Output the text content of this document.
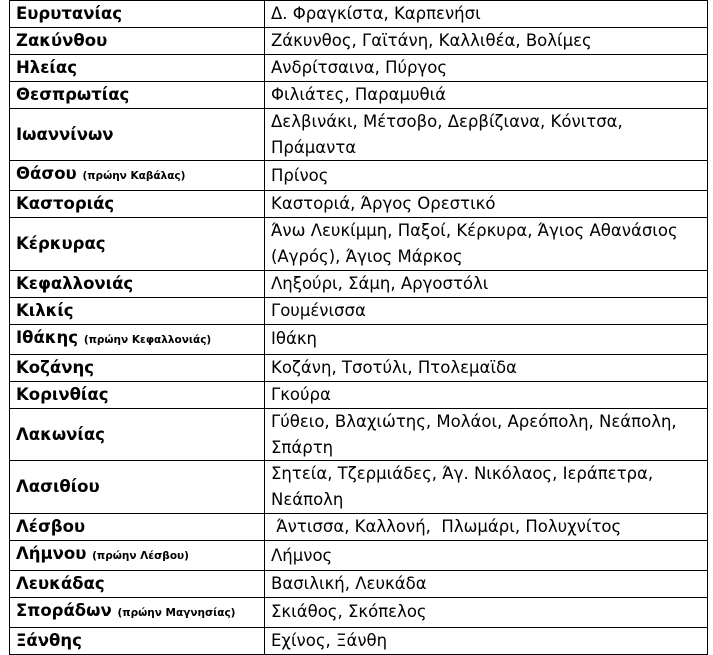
Ευρυτανίας	Δ. Φραγκίστα, Καρπενήσι
Ζακύνθου	Ζάκυνθος, Γαϊτάνη, Καλλιθέα, Βολίμες
Ηλείας	Ανδρίτσαινα, Πύργος
Θεσπρωτίας	Φιλιάτες, Παραμυθιά
Ιωαννίνων	Δελβινάκι, Μέτσοβο, Δερβίζιανα, Κόνιτσα, Πράμαντα
Θάσου (πρώην Καβάλας)	Πρίνος
Καστοριάς	Καστοριά, Άργος Ορεστικό
Κέρκυρας	Άνω Λευκίμμη, Παξοί, Κέρκυρα, Άγιος Αθανάσιος (Αγρός), Άγιος Μάρκος
Κεφαλλονιάς	Ληξούρι, Σάμη, Αργοστόλι
Κιλκίς	Γουμένισσα
Ιθάκης (πρώην Κεφαλλονιάς)	Ιθάκη
Κοζάνης	Κοζάνη, Τσοτύλι, Πτολεμαϊδα
Κορινθίας	Γκούρα
Λακωνίας	Γύθειο, Βλαχιώτης, Μολάοι, Αρεόπολη, Νεάπολη, Σπάρτη
Λασιθίου	Σητεία, Τζερμιάδες, Άγ. Νικόλαος, Ιεράπετρα, Νεάπολη
Λέσβου	Άντισσα, Καλλονή,  Πλωμάρι, Πολυχνίτος
Λήμνου (πρώην Λέσβου)	Λήμνος
Λευκάδας	Βασιλική, Λευκάδα
Σποράδων (πρώην Μαγνησίας)	Σκιάθος, Σκόπελος
Ξάνθης	Εχίνος, Ξάνθη
